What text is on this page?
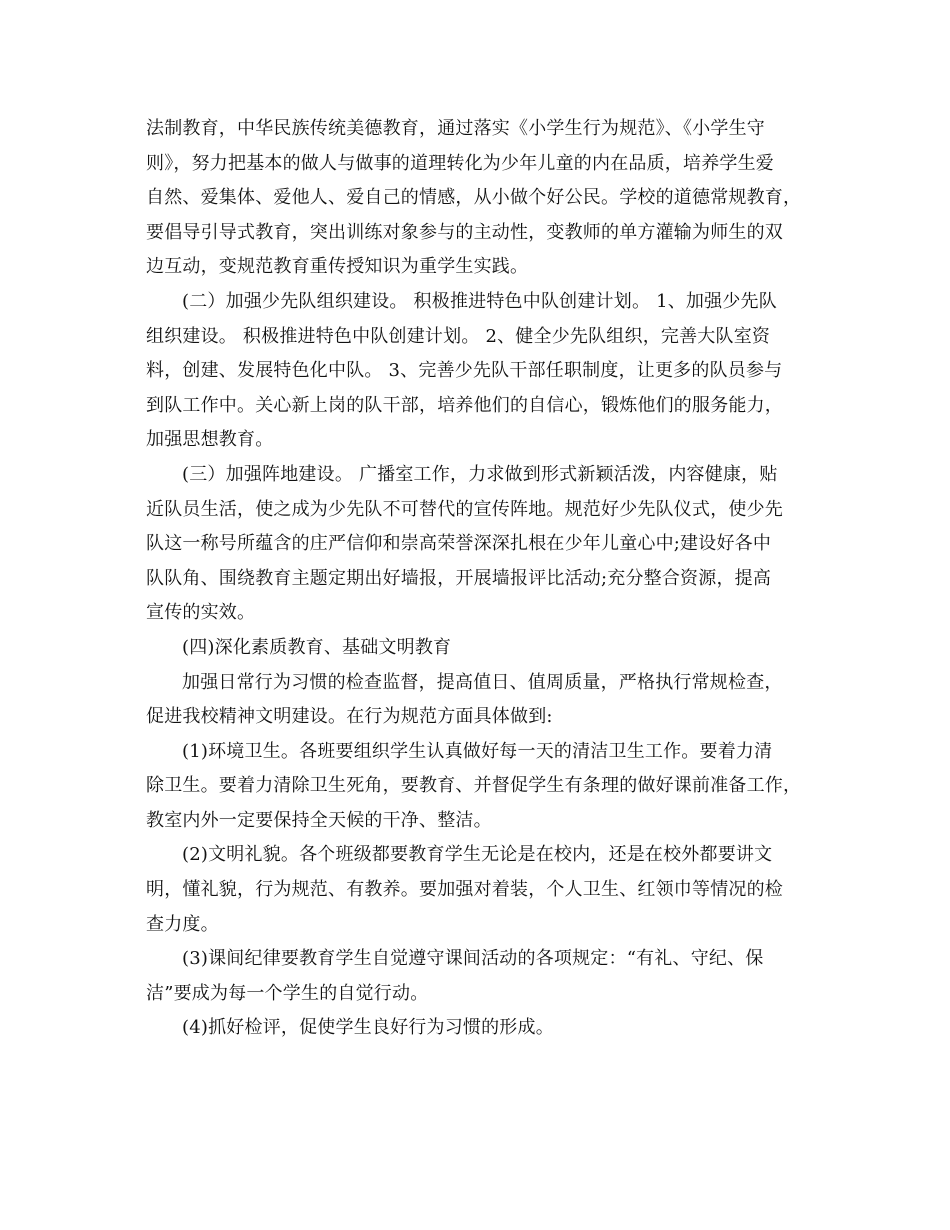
法制教育，中华民族传统美德教育，通过落实《小学生行为规范》、《小学生守
则》，努力把基本的做人与做事的道理转化为少年儿童的内在品质，培养学生爱
自然、爱集体、爱他人、爱自己的情感，从小做个好公民。学校的道德常规教育，
要倡导引导式教育，突出训练对象参与的主动性，变教师的单方灌输为师生的双
边互动，变规范教育重传授知识为重学生实践。
(二）加强少先队组织建设。 积极推进特色中队创建计划。 1、加强少先队
组织建设。 积极推进特色中队创建计划。 2、健全少先队组织，完善大队室资
料，创建、发展特色化中队。 3、完善少先队干部任职制度，让更多的队员参与
到队工作中。关心新上岗的队干部，培养他们的自信心，锻炼他们的服务能力，
加强思想教育。
(三）加强阵地建设。 广播室工作，力求做到形式新颖活泼，内容健康，贴
近队员生活，使之成为少先队不可替代的宣传阵地。规范好少先队仪式，使少先
队这一称号所蕴含的庄严信仰和崇高荣誉深深扎根在少年儿童心中;建设好各中
队队角、围绕教育主题定期出好墙报，开展墙报评比活动;充分整合资源，提高
宣传的实效。
(四)深化素质教育、基础文明教育
加强日常行为习惯的检查监督，提高值日、值周质量，严格执行常规检查，
促进我校精神文明建设。在行为规范方面具体做到:
(1)环境卫生。各班要组织学生认真做好每一天的清洁卫生工作。要着力清
除卫生。要着力清除卫生死角，要教育、并督促学生有条理的做好课前准备工作，
教室内外一定要保持全天候的干净、整洁。
(2)文明礼貌。各个班级都要教育学生无论是在校内，还是在校外都要讲文
明，懂礼貌，行为规范、有教养。要加强对着装，个人卫生、红领巾等情况的检
查力度。
(3)课间纪律要教育学生自觉遵守课间活动的各项规定：“有礼、守纪、保
洁”要成为每一个学生的自觉行动。
(4)抓好检评，促使学生良好行为习惯的形成。
